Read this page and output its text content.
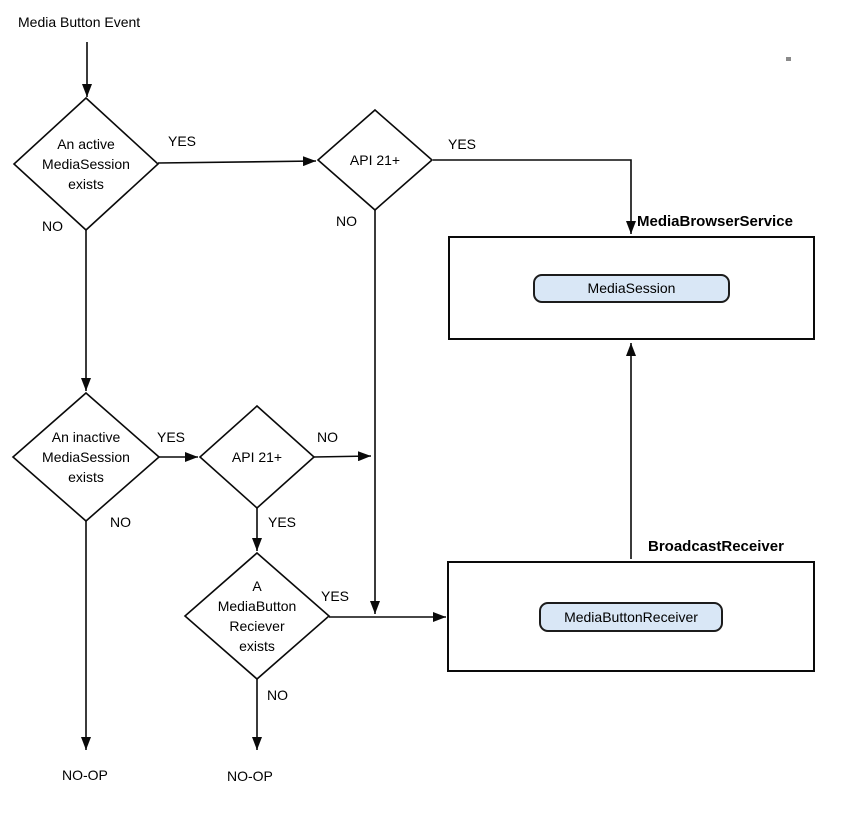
Media Button Event
An active
MediaSession
exists
API 21+
An inactive
MediaSession
exists
API 21+
A
MediaButton
Reciever
exists
YES
NO
YES
NO
YES
NO
NO
YES
YES
NO
MediaBrowserService
MediaSession
BroadcastReceiver
MediaButtonReceiver
NO-OP	NO-OP
